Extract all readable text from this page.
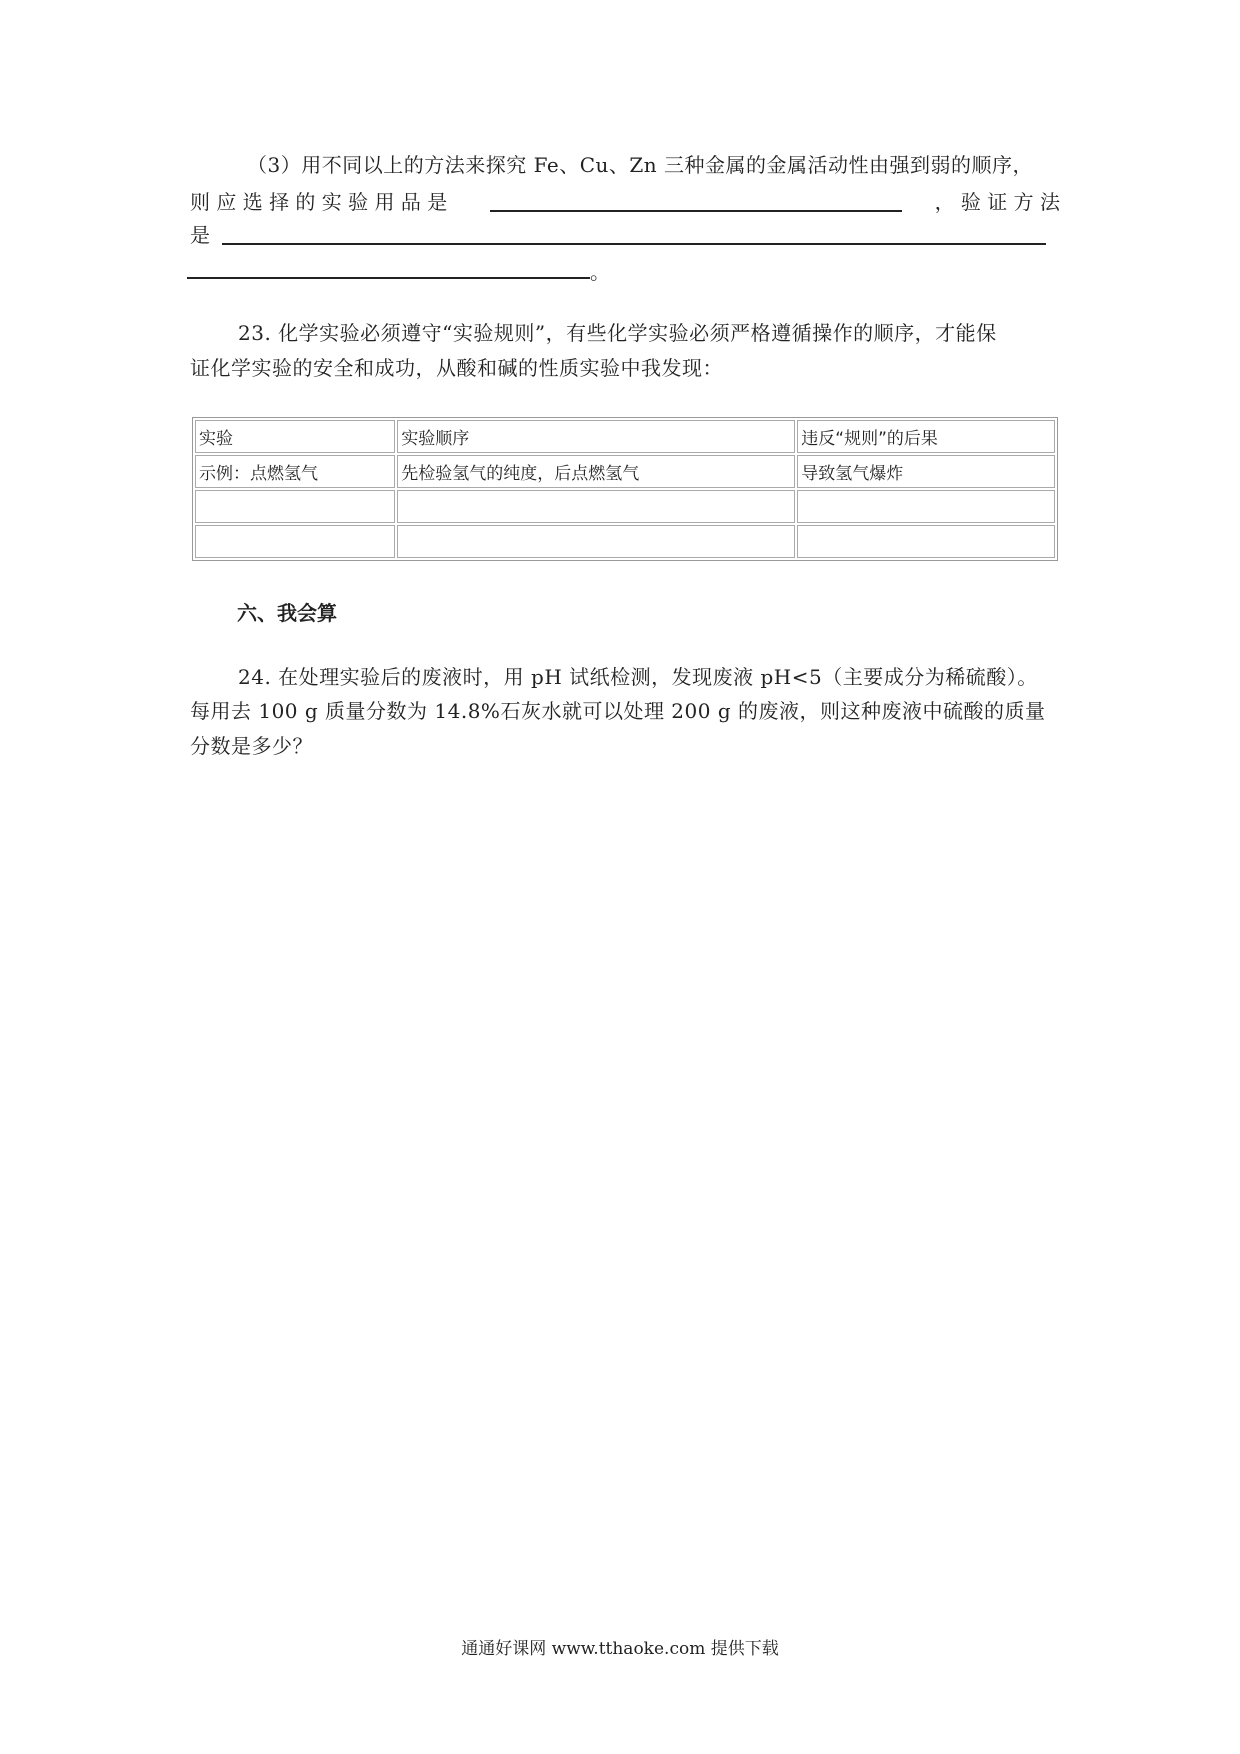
（3）用不同以上的方法来探究 Fe、Cu、Zn 三种金属的金属活动性由强到弱的顺序，
则 应 选 择 的 实 验 用 品 是	， 验 证 方 法
是
。
23. 化学实验必须遵守“实验规则”，有些化学实验必须严格遵循操作的顺序，才能保
证化学实验的安全和成功，从酸和碱的性质实验中我发现：
实验	实验顺序	违反“规则”的后果
示例：点燃氢气	先检验氢气的纯度，后点燃氢气	导致氢气爆炸

六、我会算
24. 在处理实验后的废液时，用 pH 试纸检测，发现废液 pH<5（主要成分为稀硫酸）。
每用去 100 g 质量分数为 14.8%石灰水就可以处理 200 g 的废液，则这种废液中硫酸的质量
分数是多少？
通通好课网 www.tthaoke.com 提供下载
